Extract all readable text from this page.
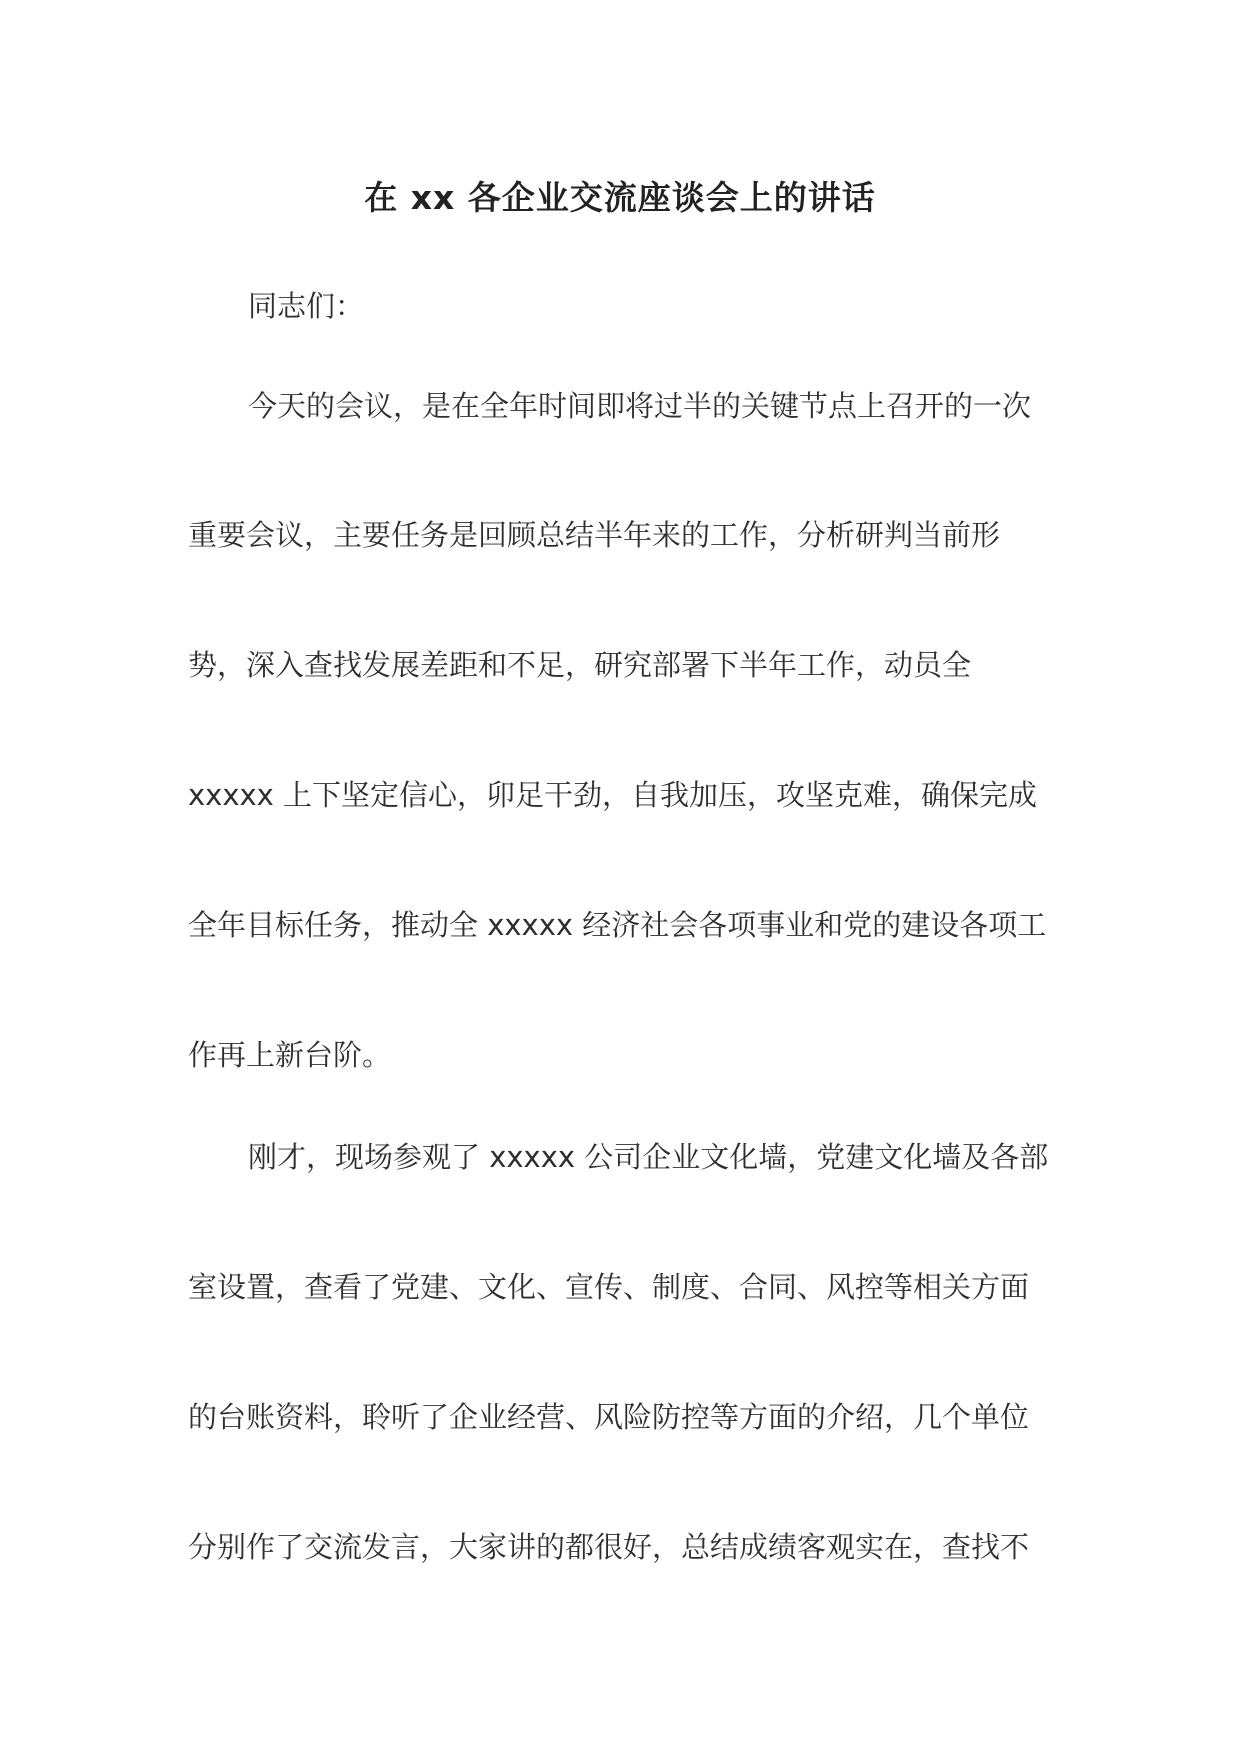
在 xx 各企业交流座谈会上的讲话
同志们：
今天的会议，是在全年时间即将过半的关键节点上召开的一次
重要会议，主要任务是回顾总结半年来的工作，分析研判当前形
势，深入查找发展差距和不足，研究部署下半年工作，动员全
xxxxx 上下坚定信心，卯足干劲，自我加压，攻坚克难，确保完成
全年目标任务，推动全 xxxxx 经济社会各项事业和党的建设各项工
作再上新台阶。
刚才，现场参观了 xxxxx 公司企业文化墙，党建文化墙及各部
室设置，查看了党建、文化、宣传、制度、合同、风控等相关方面
的台账资料，聆听了企业经营、风险防控等方面的介绍，几个单位
分别作了交流发言，大家讲的都很好，总结成绩客观实在，查找不
